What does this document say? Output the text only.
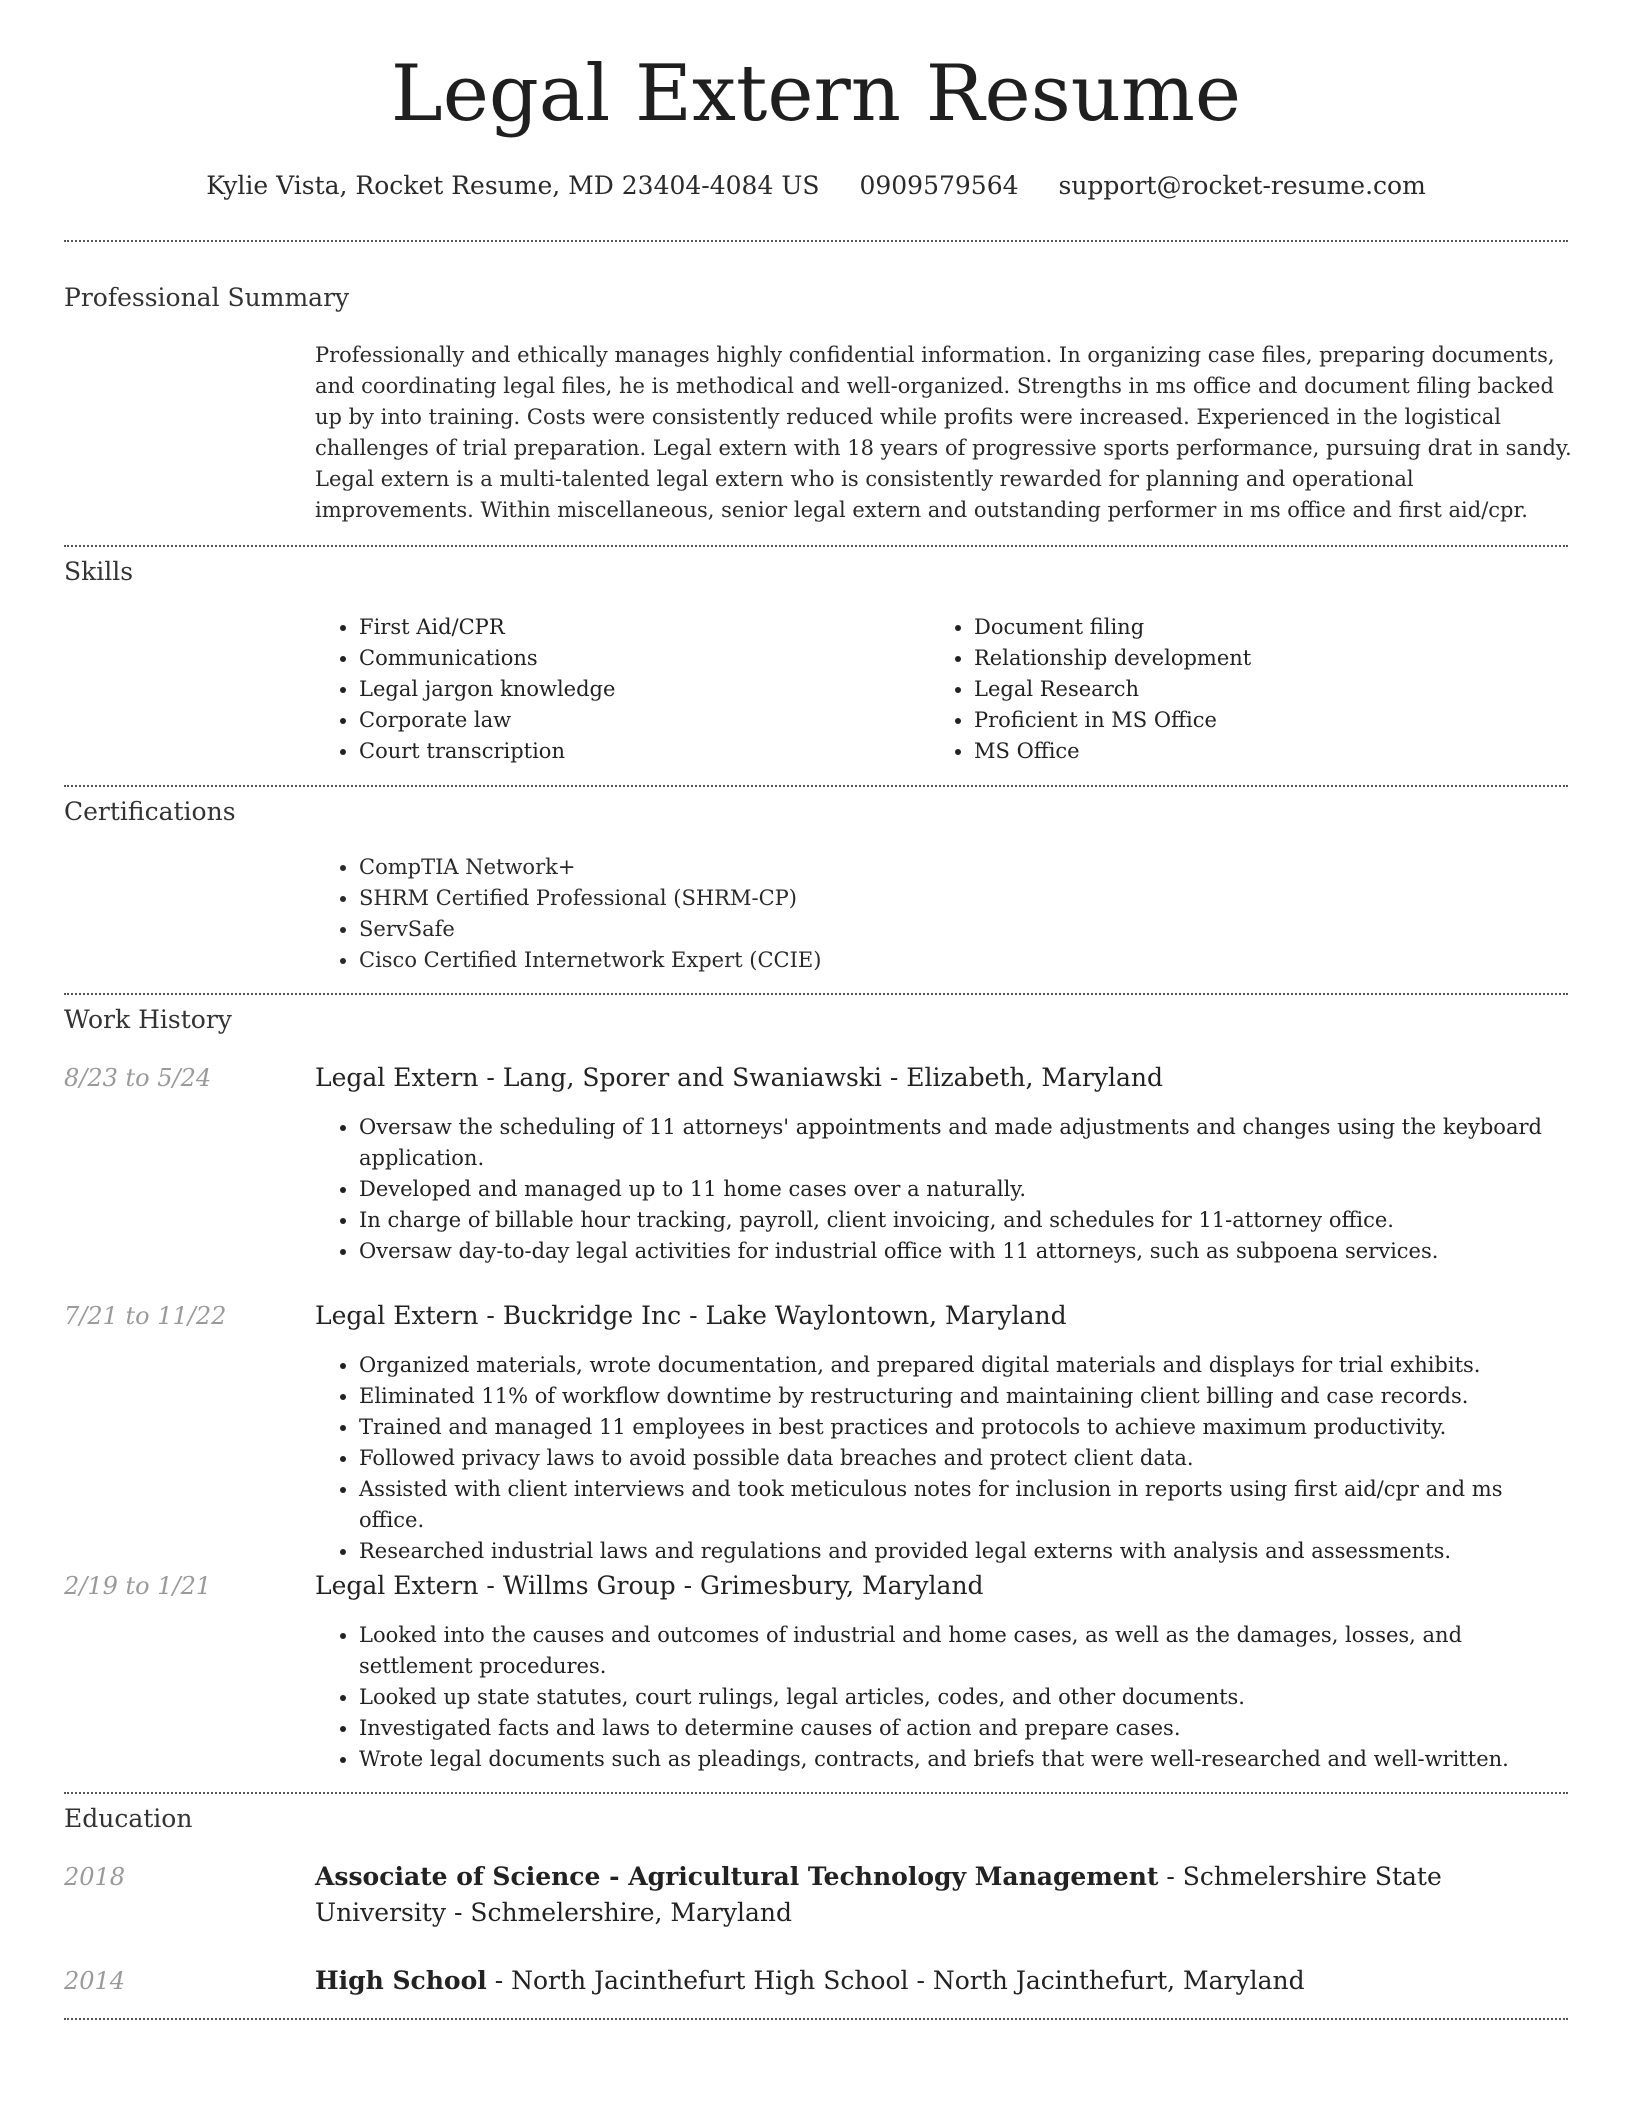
Legal Extern Resume
Kylie Vista, Rocket Resume, MD 23404-4084 US 0909579564 support@rocket-resume.com
Professional Summary

Professionally and ethically manages highly confidential information. In organizing case files, preparing documents, and coordinating legal files, he is methodical and well-organized. Strengths in ms office and document filing backed up by into training. Costs were consistently reduced while profits were increased. Experienced in the logistical challenges of trial preparation. Legal extern with 18 years of progressive sports performance, pursuing drat in sandy. Legal extern is a multi-talented legal extern who is consistently rewarded for planning and operational improvements. Within miscellaneous, senior legal extern and outstanding performer in ms office and first aid/cpr.

Skills
• First Aid/CPR
• Communications
• Legal jargon knowledge
• Corporate law
• Court transcription
• Document filing
• Relationship development
• Legal Research
• Proficient in MS Office
• MS Office
Certifications
• CompTIA Network+
• SHRM Certified Professional (SHRM-CP)
• ServSafe
• Cisco Certified Internetwork Expert (CCIE)
Work History
8/23 to 5/24	Legal Extern - Lang, Sporer and Swaniawski - Elizabeth, Maryland
• Oversaw the scheduling of 11 attorneys' appointments and made adjustments and changes using the keyboard application.
• Developed and managed up to 11 home cases over a naturally.
• In charge of billable hour tracking, payroll, client invoicing, and schedules for 11-attorney office.
• Oversaw day-to-day legal activities for industrial office with 11 attorneys, such as subpoena services.
7/21 to 11/22	Legal Extern - Buckridge Inc - Lake Waylontown, Maryland
• Organized materials, wrote documentation, and prepared digital materials and displays for trial exhibits.
• Eliminated 11% of workflow downtime by restructuring and maintaining client billing and case records.
• Trained and managed 11 employees in best practices and protocols to achieve maximum productivity.
• Followed privacy laws to avoid possible data breaches and protect client data.
• Assisted with client interviews and took meticulous notes for inclusion in reports using first aid/cpr and ms office.
• Researched industrial laws and regulations and provided legal externs with analysis and assessments.
2/19 to 1/21	Legal Extern - Willms Group - Grimesbury, Maryland
• Looked into the causes and outcomes of industrial and home cases, as well as the damages, losses, and settlement procedures.
• Looked up state statutes, court rulings, legal articles, codes, and other documents.
• Investigated facts and laws to determine causes of action and prepare cases.
• Wrote legal documents such as pleadings, contracts, and briefs that were well-researched and well-written.
Education
2018	Associate of Science - Agricultural Technology Management - Schmelershire State University - Schmelershire, Maryland
2014	High School - North Jacinthefurt High School - North Jacinthefurt, Maryland
